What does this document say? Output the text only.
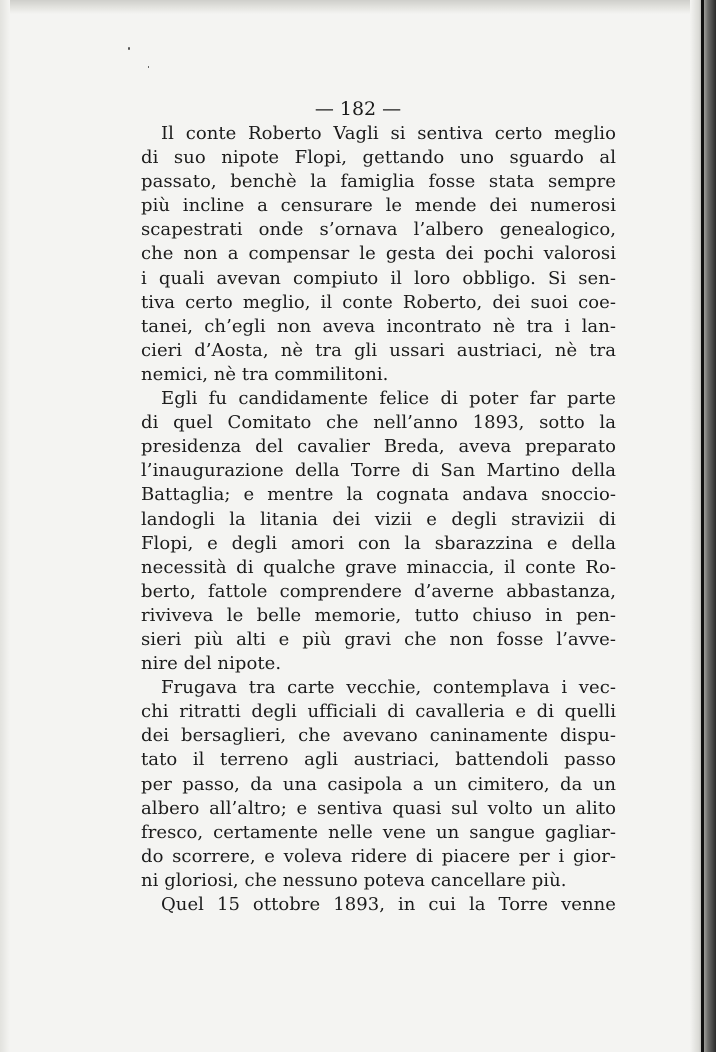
— 182 —
Il conte Roberto Vagli si sentiva certo meglio
di suo nipote Flopi, gettando uno sguardo al
passato, benchè la famiglia fosse stata sempre
più incline a censurare le mende dei numerosi
scapestrati onde s’ornava l’albero genealogico,
che non a compensar le gesta dei pochi valorosi
i quali avevan compiuto il loro obbligo. Si sen-
tiva certo meglio, il conte Roberto, dei suoi coe-
tanei, ch’egli non aveva incontrato nè tra i lan-
cieri d’Aosta, nè tra gli ussari austriaci, nè tra
nemici, nè tra commilitoni.
Egli fu candidamente felice di poter far parte
di quel Comitato che nell’anno 1893, sotto la
presidenza del cavalier Breda, aveva preparato
l’inaugurazione della Torre di San Martino della
Battaglia; e mentre la cognata andava snoccio-
landogli la litania dei vizii e degli stravizii di
Flopi, e degli amori con la sbarazzina e della
necessità di qualche grave minaccia, il conte Ro-
berto, fattole comprendere d’averne abbastanza,
riviveva le belle memorie, tutto chiuso in pen-
sieri più alti e più gravi che non fosse l’avve-
nire del nipote.
Frugava tra carte vecchie, contemplava i vec-
chi ritratti degli ufficiali di cavalleria e di quelli
dei bersaglieri, che avevano caninamente dispu-
tato il terreno agli austriaci, battendoli passo
per passo, da una casipola a un cimitero, da un
albero all’altro; e sentiva quasi sul volto un alito
fresco, certamente nelle vene un sangue gagliar-
do scorrere, e voleva ridere di piacere per i gior-
ni gloriosi, che nessuno poteva cancellare più.
Quel 15 ottobre 1893, in cui la Torre venne
